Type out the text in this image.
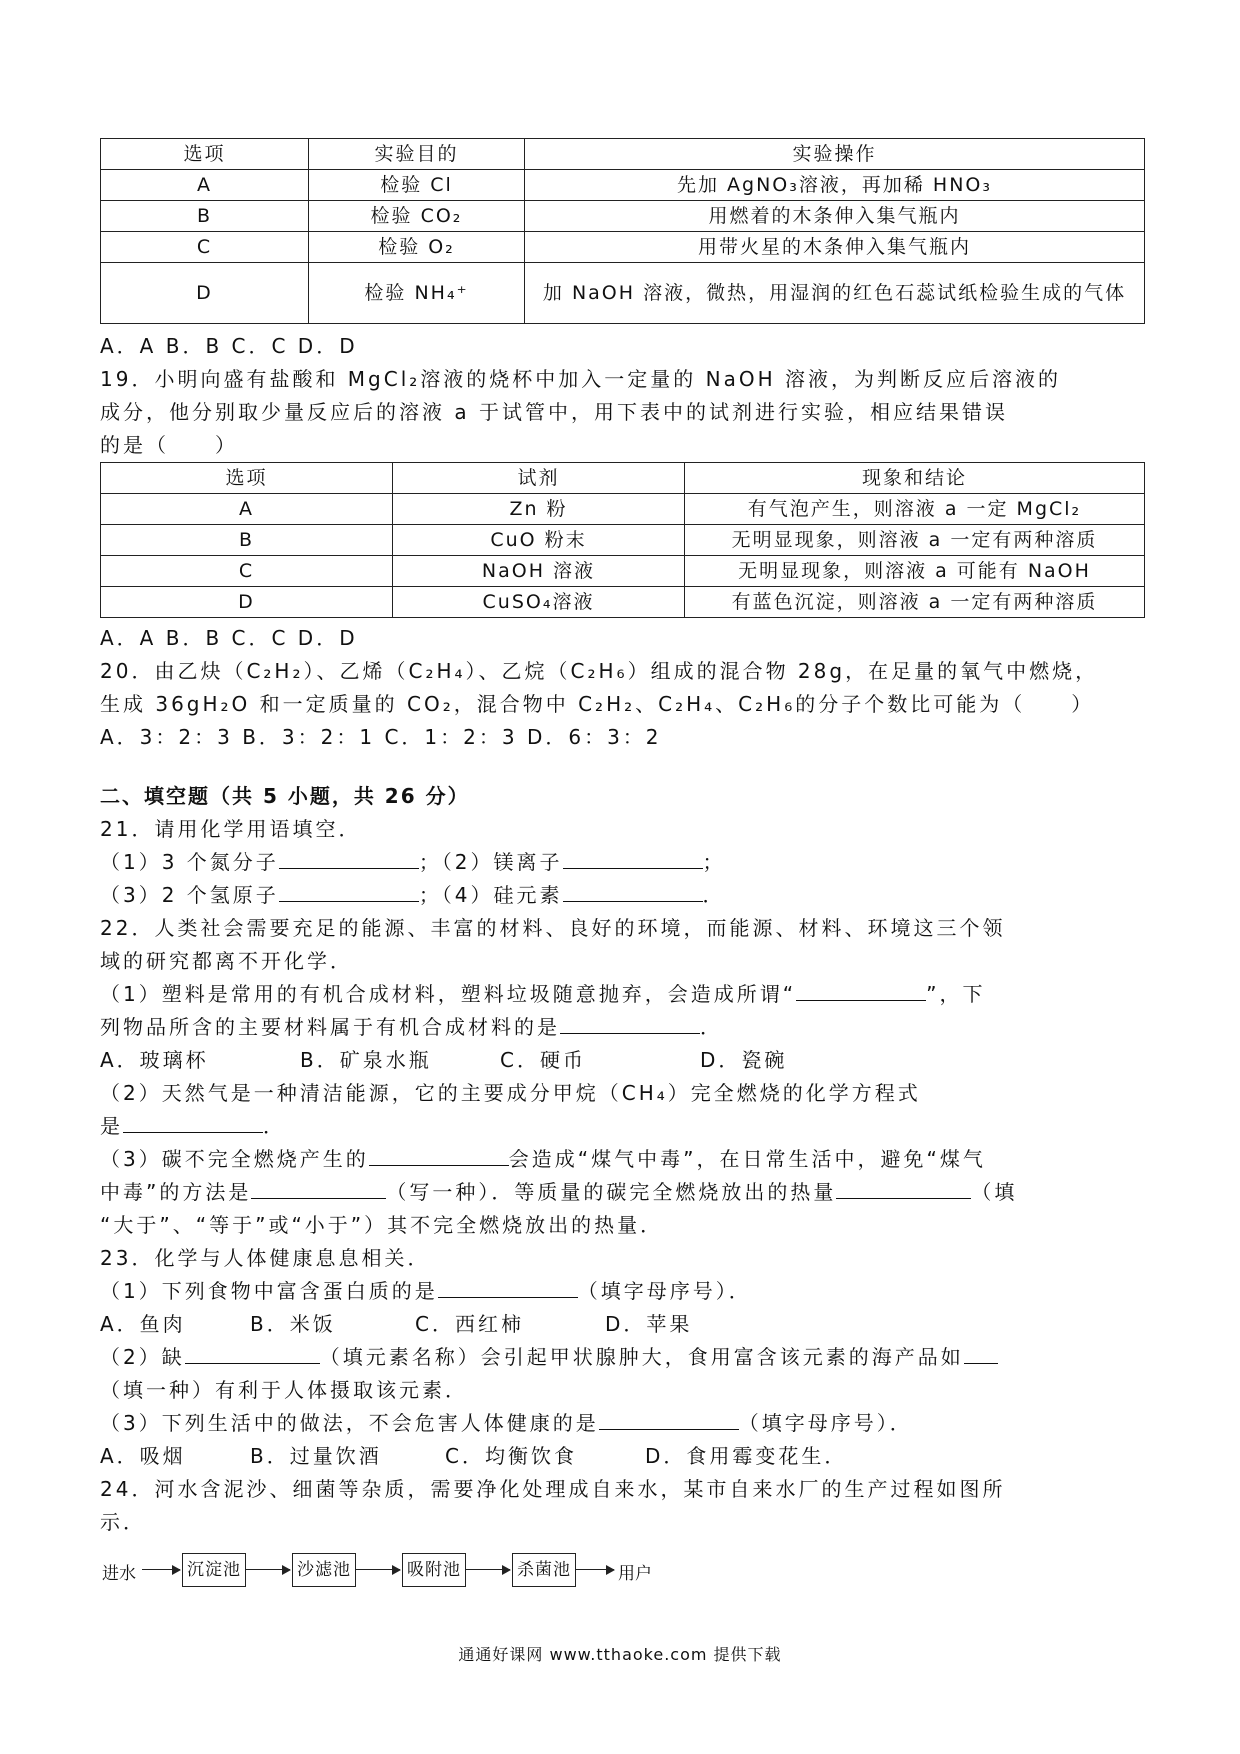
选项	实验目的	实验操作
A	检验 Cl	先加 AgNO₃溶液，再加稀 HNO₃
B	检验 CO₂	用燃着的木条伸入集气瓶内
C	检验 O₂	用带火星的木条伸入集气瓶内
D	检验 NH₄⁺	加 NaOH 溶液，微热，用湿润的红色石蕊试纸检验生成的气体
A．A B．B C．C D．D
19．小明向盛有盐酸和 MgCl₂溶液的烧杯中加入一定量的 NaOH 溶液，为判断反应后溶液的
成分，他分别取少量反应后的溶液 a 于试管中，用下表中的试剂进行实验，相应结果错误
的是（　　）
选项	试剂	现象和结论
A	Zn 粉	有气泡产生，则溶液 a 一定 MgCl₂
B	CuO 粉末	无明显现象，则溶液 a 一定有两种溶质
C	NaOH 溶液	无明显现象，则溶液 a 可能有 NaOH
D	CuSO₄溶液	有蓝色沉淀，则溶液 a 一定有两种溶质
A．A B．B C．C D．D
20．由乙炔（C₂H₂）、乙烯（C₂H₄）、乙烷（C₂H₆）组成的混合物 28g，在足量的氧气中燃烧，
生成 36gH₂O 和一定质量的 CO₂，混合物中 C₂H₂、C₂H₄、C₂H₆的分子个数比可能为（　　）
A．3：2：3 B．3：2：1 C．1：2：3 D．6：3：2
二、填空题（共 5 小题，共 26 分）
21．请用化学用语填空．
（1）3 个氮分子	；（2）镁离子	；
（3）2 个氢原子	；（4）硅元素	．
22．人类社会需要充足的能源、丰富的材料、良好的环境，而能源、材料、环境这三个领
域的研究都离不开化学．
（1）塑料是常用的有机合成材料，塑料垃圾随意抛弃，会造成所谓“	”，下
列物品所含的主要材料属于有机合成材料的是	．
A．玻璃杯	B．矿泉水瓶	C．硬币	D．瓷碗
（2）天然气是一种清洁能源，它的主要成分甲烷（CH₄）完全燃烧的化学方程式
是	．
（3）碳不完全燃烧产生的	会造成“煤气中毒”，在日常生活中，避免“煤气
中毒”的方法是	（写一种）．等质量的碳完全燃烧放出的热量	（填
“大于”、“等于”或“小于”）其不完全燃烧放出的热量．
23．化学与人体健康息息相关．
（1）下列食物中富含蛋白质的是	（填字母序号）．
A．鱼肉	B．米饭	C．西红柿	D．苹果
（2）缺	（填元素名称）会引起甲状腺肿大，食用富含该元素的海产品如
（填一种）有利于人体摄取该元素．
（3）下列生活中的做法，不会危害人体健康的是	（填字母序号）．
A．吸烟	B．过量饮酒	C．均衡饮食	D．食用霉变花生．
24．河水含泥沙、细菌等杂质，需要净化处理成自来水，某市自来水厂的生产过程如图所
示．
进水	沉淀池	沙滤池	吸附池	杀菌池	用户
通通好课网 www.tthaoke.com 提供下载
